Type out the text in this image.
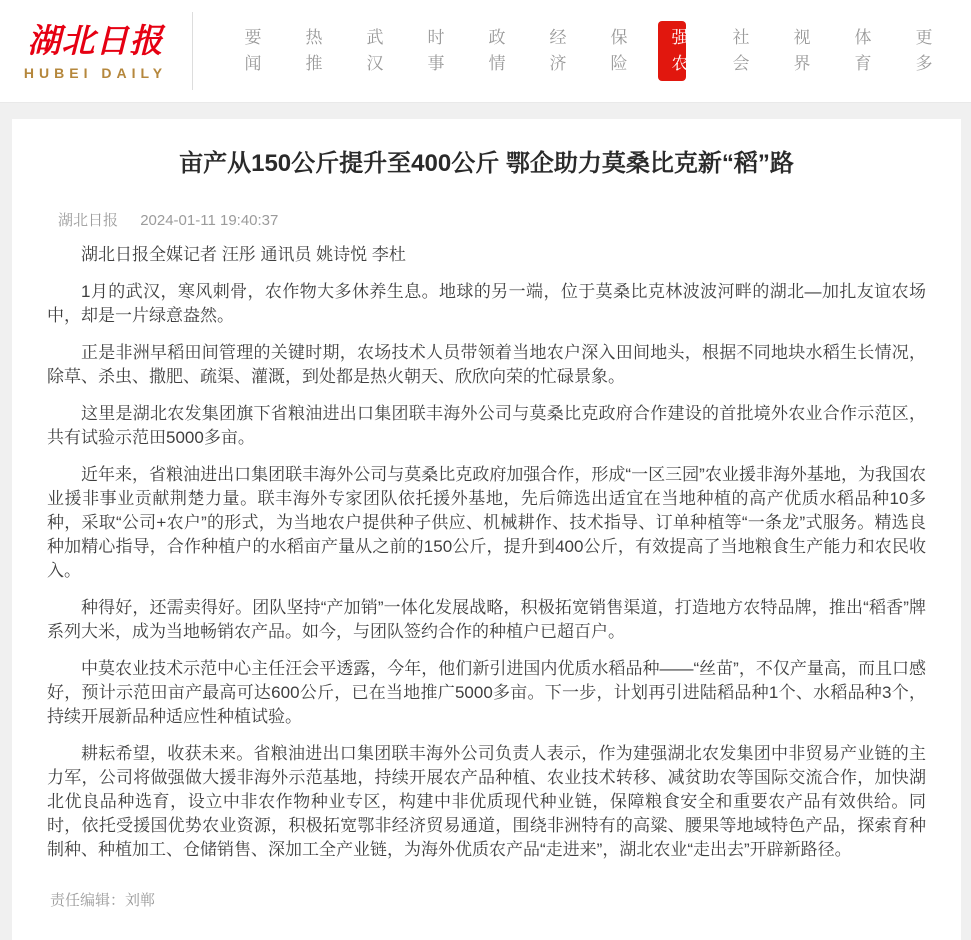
湖北日报
HUBEI DAILY
要闻
热推
武汉
时事
政情
经济
保险
强农
社会
视界
体育
更多
亩产从150公斤提升至400公斤 鄂企助力莫桑比克新“稻”路
湖北日报 2024-01-11 19:40:37

湖北日报全媒记者 汪彤 通讯员 姚诗悦 李杜

1月的武汉，寒风刺骨，农作物大多休养生息。地球的另一端，位于莫桑比克林波波河畔的湖北—加扎友谊农场中，却是一片绿意盎然。

正是非洲早稻田间管理的关键时期，农场技术人员带领着当地农户深入田间地头，根据不同地块水稻生长情况，除草、杀虫、撒肥、疏渠、灌溉，到处都是热火朝天、欣欣向荣的忙碌景象。

这里是湖北农发集团旗下省粮油进出口集团联丰海外公司与莫桑比克政府合作建设的首批境外农业合作示范区，共有试验示范田5000多亩。

近年来，省粮油进出口集团联丰海外公司与莫桑比克政府加强合作，形成“一区三园”农业援非海外基地，为我国农业援非事业贡献荆楚力量。联丰海外专家团队依托援外基地，先后筛选出适宜在当地种植的高产优质水稻品种10多种，采取“公司+农户”的形式，为当地农户提供种子供应、机械耕作、技术指导、订单种植等“一条龙”式服务。精选良种加精心指导，合作种植户的水稻亩产量从之前的150公斤，提升到400公斤，有效提高了当地粮食生产能力和农民收入。

种得好，还需卖得好。团队坚持“产加销”一体化发展战略，积极拓宽销售渠道，打造地方农特品牌，推出“稻香”牌系列大米，成为当地畅销农产品。如今，与团队签约合作的种植户已超百户。

中莫农业技术示范中心主任汪会平透露，今年，他们新引进国内优质水稻品种——“丝苗”，不仅产量高，而且口感好，预计示范田亩产最高可达600公斤，已在当地推广5000多亩。下一步，计划再引进陆稻品种1个、水稻品种3个，持续开展新品种适应性种植试验。

耕耘希望，收获未来。省粮油进出口集团联丰海外公司负责人表示，作为建强湖北农发集团中非贸易产业链的主力军，公司将做强做大援非海外示范基地，持续开展农产品种植、农业技术转移、减贫助农等国际交流合作，加快湖北优良品种选育，设立中非农作物种业专区，构建中非优质现代种业链，保障粮食安全和重要农产品有效供给。同时，依托受援国优势农业资源，积极拓宽鄂非经济贸易通道，围绕非洲特有的高粱、腰果等地域特色产品，探索育种制种、种植加工、仓储销售、深加工全产业链，为海外优质农产品“走进来”，湖北农业“走出去”开辟新路径。

责任编辑：刘郸
